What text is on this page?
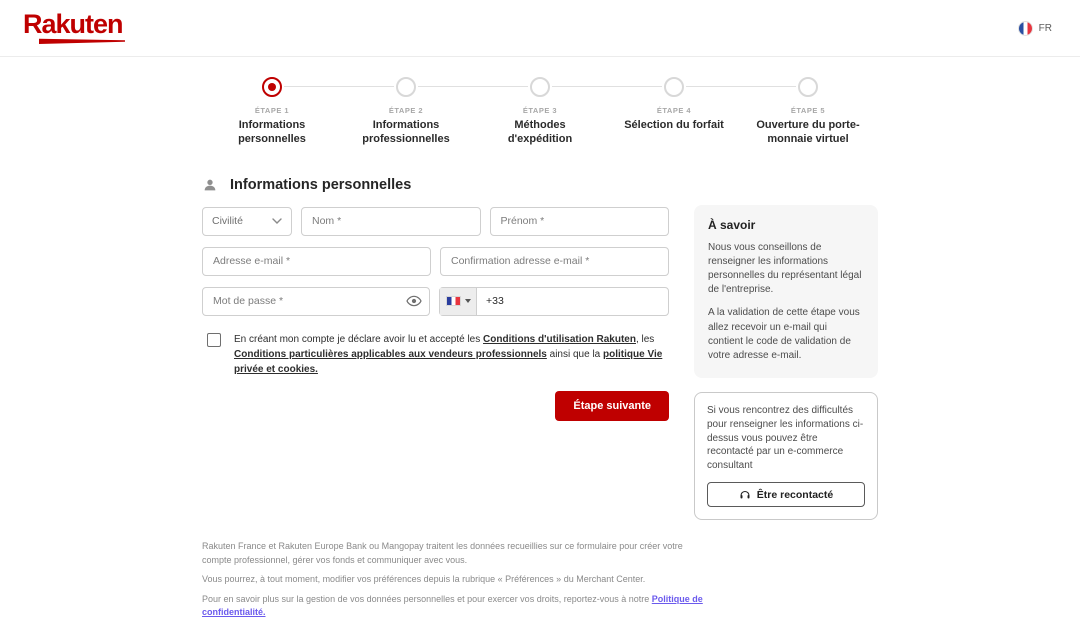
Rakuten	FR
ÉTAPE 1
Informations personnelles
ÉTAPE 2
Informations professionnelles
ÉTAPE 3
Méthodes d'expédition
ÉTAPE 4
Sélection du forfait
ÉTAPE 5
Ouverture du porte-monnaie virtuel
Informations personnelles
Civilité
Nom *
Prénom *
Adresse e-mail *
Confirmation adresse e-mail *
+33
En créant mon compte je déclare avoir lu et accepté les Conditions d'utilisation Rakuten, les Conditions particulières applicables aux vendeurs professionnels ainsi que la politique Vie privée et cookies.
Étape suivante
À savoir

Nous vous conseillons de renseigner les informations personnelles du représentant légal de l'entreprise.

A la validation de cette étape vous allez recevoir un e-mail qui contient le code de validation de votre adresse e-mail.

Si vous rencontrez des difficultés pour renseigner les informations ci-dessus vous pouvez être recontacté par un e-commerce consultant

Être recontacté

Rakuten France et Rakuten Europe Bank ou Mangopay traitent les données recueillies sur ce formulaire pour créer votre compte professionnel, gérer vos fonds et communiquer avec vous.

Vous pourrez, à tout moment, modifier vos préférences depuis la rubrique « Préférences » du Merchant Center.

Pour en savoir plus sur la gestion de vos données personnelles et pour exercer vos droits, reportez-vous à notre Politique de confidentialité.
